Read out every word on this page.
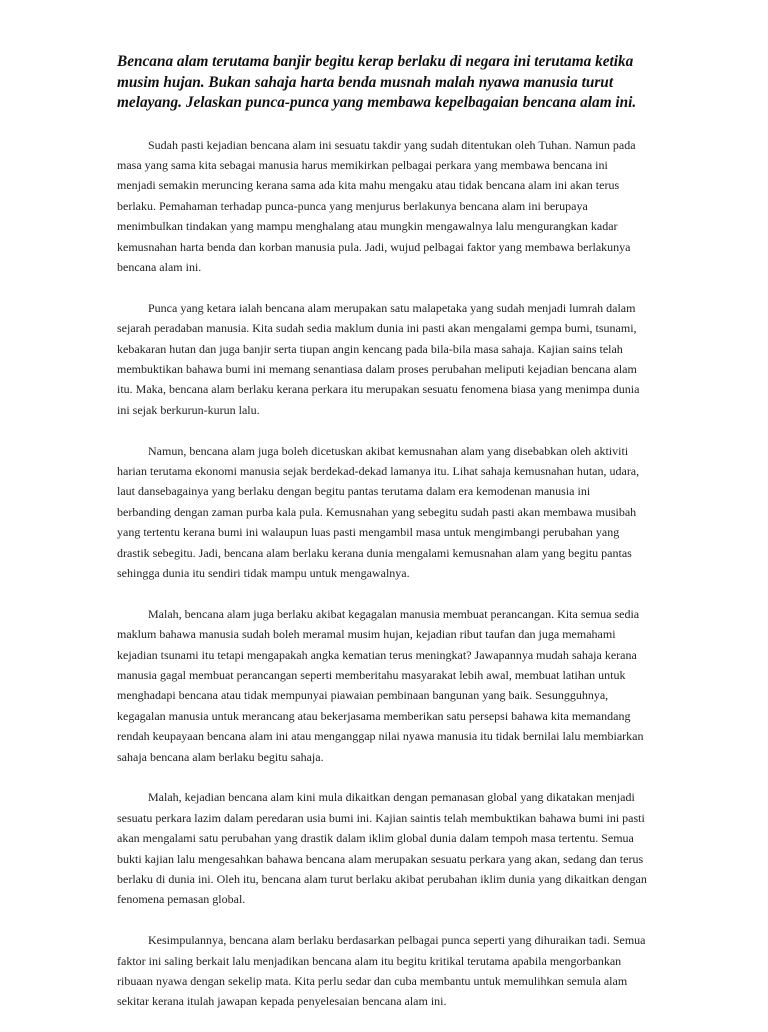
Bencana alam terutama banjir begitu kerap berlaku di negara ini terutama ketika musim hujan. Bukan sahaja harta benda musnah malah nyawa manusia turut melayang. Jelaskan punca-punca yang membawa kepelbagaian bencana alam ini.

Sudah pasti kejadian bencana alam ini sesuatu takdir yang sudah ditentukan oleh Tuhan. Namun pada masa yang sama kita sebagai manusia harus memikirkan pelbagai perkara yang membawa bencana ini menjadi semakin meruncing kerana sama ada kita mahu mengaku atau tidak bencana alam ini akan terus berlaku. Pemahaman terhadap punca-punca yang menjurus berlakunya bencana alam ini berupaya menimbulkan tindakan yang mampu menghalang atau mungkin mengawalnya lalu mengurangkan kadar kemusnahan harta benda dan korban manusia pula. Jadi, wujud pelbagai faktor yang membawa berlakunya bencana alam ini.

Punca yang ketara ialah bencana alam merupakan satu malapetaka yang sudah menjadi lumrah dalam sejarah peradaban manusia. Kita sudah sedia maklum dunia ini pasti akan mengalami gempa bumi, tsunami, kebakaran hutan dan juga banjir serta tiupan angin kencang pada bila-bila masa sahaja. Kajian sains telah membuktikan bahawa bumi ini memang senantiasa dalam proses perubahan meliputi kejadian bencana alam itu. Maka, bencana alam berlaku kerana perkara itu merupakan sesuatu fenomena biasa yang menimpa dunia ini sejak berkurun-kurun lalu.

Namun, bencana alam juga boleh dicetuskan akibat kemusnahan alam yang disebabkan oleh aktiviti harian terutama ekonomi manusia sejak berdekad-dekad lamanya itu. Lihat sahaja kemusnahan hutan, udara, laut dansebagainya yang berlaku dengan begitu pantas terutama dalam era kemodenan manusia ini berbanding dengan zaman purba kala pula. Kemusnahan yang sebegitu sudah pasti akan membawa musibah yang tertentu kerana bumi ini walaupun luas pasti mengambil masa untuk mengimbangi perubahan yang drastik sebegitu. Jadi, bencana alam berlaku kerana dunia mengalami kemusnahan alam yang begitu pantas sehingga dunia itu sendiri tidak mampu untuk mengawalnya.

Malah, bencana alam juga berlaku akibat kegagalan manusia membuat perancangan. Kita semua sedia maklum bahawa manusia sudah boleh meramal musim hujan, kejadian ribut taufan dan juga memahami kejadian tsunami itu tetapi mengapakah angka kematian terus meningkat? Jawapannya mudah sahaja kerana manusia gagal membuat perancangan seperti memberitahu masyarakat lebih awal, membuat latihan untuk menghadapi bencana atau tidak mempunyai piawaian pembinaan bangunan yang baik. Sesungguhnya, kegagalan manusia untuk merancang atau bekerjasama memberikan satu persepsi bahawa kita memandang rendah keupayaan bencana alam ini atau menganggap nilai nyawa manusia itu tidak bernilai lalu membiarkan sahaja bencana alam berlaku begitu sahaja.

Malah, kejadian bencana alam kini mula dikaitkan dengan pemanasan global yang dikatakan menjadi sesuatu perkara lazim dalam peredaran usia bumi ini. Kajian saintis telah membuktikan bahawa bumi ini pasti akan mengalami satu perubahan yang drastik dalam iklim global dunia dalam tempoh masa tertentu. Semua bukti kajian lalu mengesahkan bahawa bencana alam merupakan sesuatu perkara yang akan, sedang dan terus berlaku di dunia ini. Oleh itu, bencana alam turut berlaku akibat perubahan iklim dunia yang dikaitkan dengan fenomena pemasan global.

Kesimpulannya, bencana alam berlaku berdasarkan pelbagai punca seperti yang dihuraikan tadi. Semua faktor ini saling berkait lalu menjadikan bencana alam itu begitu kritikal terutama apabila mengorbankan ribuaan nyawa dengan sekelip mata. Kita perlu sedar dan cuba membantu untuk memulihkan semula alam sekitar kerana itulah jawapan kepada penyelesaian bencana alam ini.
